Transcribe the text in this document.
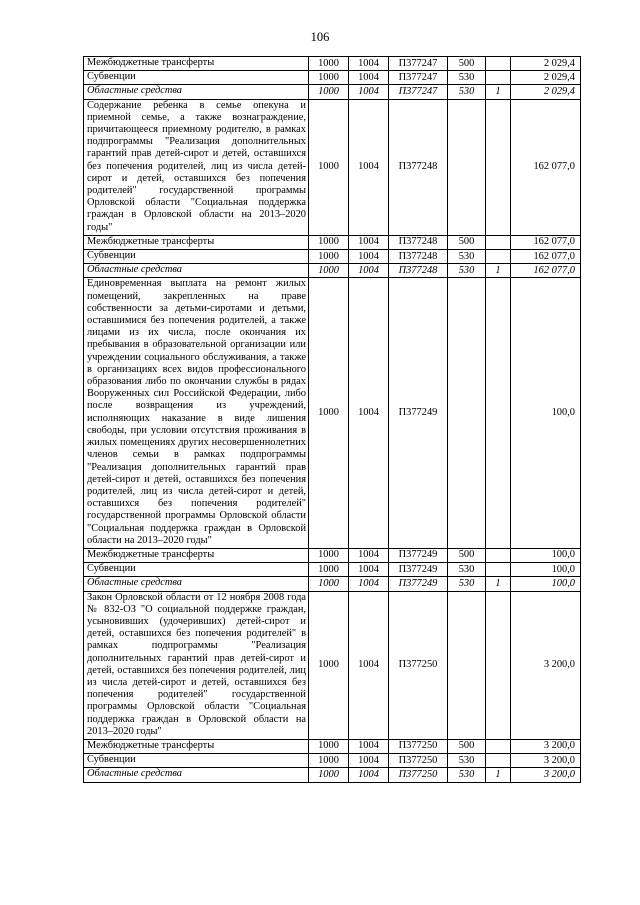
106
Межбюджетные трансферты	1000	1004	П377247	500		2 029,4
Субвенции	1000	1004	П377247	530		2 029,4
Областные средства	1000	1004	П377247	530	1	2 029,4
Содержание ребенка в семье опекуна и приемной семье, а также вознаграждение, причитающееся приемному родителю, в рамках подпрограммы "Реализация дополнительных гарантий прав детей-сирот и детей, оставшихся без попечения родителей, лиц из числа детей-сирот и детей, оставшихся без попечения родителей" государственной программы Орловской области "Социальная поддержка граждан в Орловской области на 2013–2020 годы"	1000	1004	П377248			162 077,0
Межбюджетные трансферты	1000	1004	П377248	500		162 077,0
Субвенции	1000	1004	П377248	530		162 077,0
Областные средства	1000	1004	П377248	530	1	162 077,0
Единовременная выплата на ремонт жилых помещений, закрепленных на праве собственности за детьми-сиротами и детьми, оставшимися без попечения родителей, а также лицами из их числа, после окончания их пребывания в образовательной организации или учреждении социального обслуживания, а также в организациях всех видов профессионального образования либо по окончании службы в рядах Вооруженных сил Российской Федерации, либо после возвращения из учреждений, исполняющих наказание в виде лишения свободы, при условии отсутствия проживания в жилых помещениях других несовершеннолетних членов семьи в рамках подпрограммы "Реализация дополнительных гарантий прав детей-сирот и детей, оставшихся без попечения родителей, лиц из числа детей-сирот и детей, оставшихся без попечения родителей" государственной программы Орловской области "Социальная поддержка граждан в Орловской области на 2013–2020 годы"	1000	1004	П377249			100,0
Межбюджетные трансферты	1000	1004	П377249	500		100,0
Субвенции	1000	1004	П377249	530		100,0
Областные средства	1000	1004	П377249	530	1	100,0
Закон Орловской области от 12 ноября 2008 года № 832-ОЗ "О социальной поддержке граждан, усыновивших (удочеривших) детей-сирот и детей, оставшихся без попечения родителей" в рамках подпрограммы "Реализация дополнительных гарантий прав детей-сирот и детей, оставшихся без попечения родителей, лиц из числа детей-сирот и детей, оставшихся без попечения родителей" государственной программы Орловской области "Социальная поддержка граждан в Орловской области на 2013–2020 годы"	1000	1004	П377250			3 200,0
Межбюджетные трансферты	1000	1004	П377250	500		3 200,0
Субвенции	1000	1004	П377250	530		3 200,0
Областные средства	1000	1004	П377250	530	1	3 200,0
